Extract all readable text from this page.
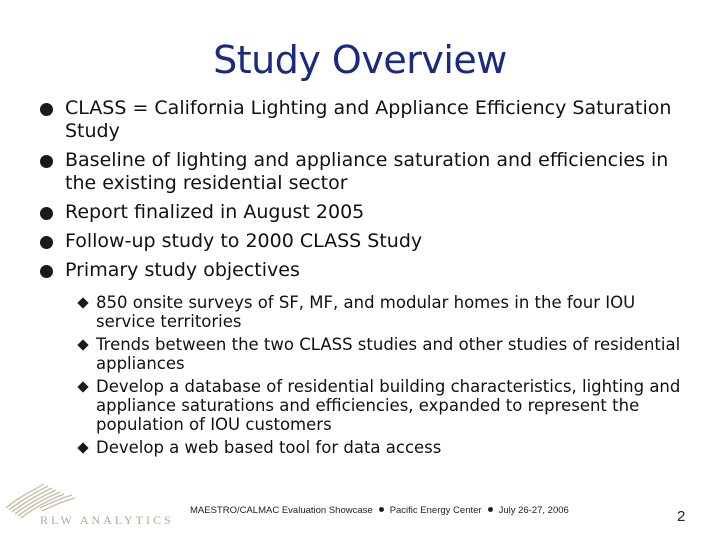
Study Overview
CLASS = California Lighting and Appliance Efficiency Saturation Study
Baseline of lighting and appliance saturation and efficiencies in the existing residential sector
Report finalized in August 2005
Follow-up study to 2000 CLASS Study
Primary study objectives
850 onsite surveys of SF, MF, and modular homes in the four IOU service territories
Trends between the two CLASS studies and other studies of residential appliances
Develop a database of residential building characteristics, lighting and appliance saturations and efficiencies, expanded to represent the population of IOU customers
Develop a web based tool for data access
RLW ANALYTICS
MAESTRO/CALMAC Evaluation Showcase Pacific Energy Center July 26-27, 2006	2
